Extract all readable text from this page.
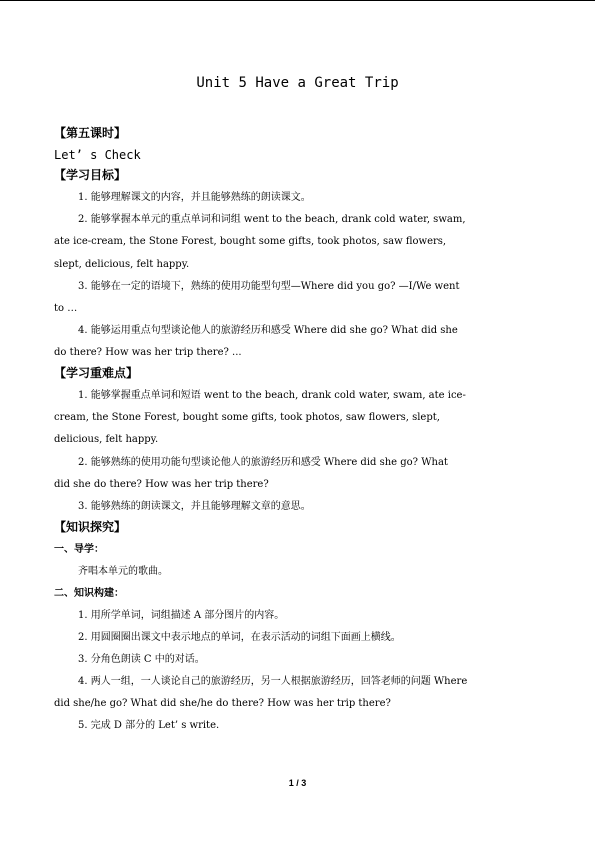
Unit 5 Have a Great Trip
【第五课时】
Let’ s Check
【学习目标】
1. 能够理解课文的内容，并且能够熟练的朗读课文。
2. 能够掌握本单元的重点单词和词组 went to the beach, drank cold water, swam,
ate ice-cream, the Stone Forest, bought some gifts, took photos, saw flowers,
slept, delicious, felt happy.
3. 能够在一定的语境下，熟练的使用功能型句型—Where did you go? —I/We went
to …
4. 能够运用重点句型谈论他人的旅游经历和感受 Where did she go? What did she
do there? How was her trip there? ...
【学习重难点】
1. 能够掌握重点单词和短语 went to the beach, drank cold water, swam, ate ice-
cream, the Stone Forest, bought some gifts, took photos, saw flowers, slept,
delicious, felt happy.
2. 能够熟练的使用功能句型谈论他人的旅游经历和感受 Where did she go? What
did she do there? How was her trip there?
3. 能够熟练的朗读课文，并且能够理解文章的意思。
【知识探究】
一、导学：
齐唱本单元的歌曲。
二、知识构建：
1. 用所学单词，词组描述 A 部分图片的内容。
2. 用圆圈圈出课文中表示地点的单词，在表示活动的词组下面画上横线。
3. 分角色朗读 C 中的对话。
4. 两人一组，一人谈论自己的旅游经历，另一人根据旅游经历，回答老师的问题 Where
did she/he go? What did she/he do there? How was her trip there?
5. 完成 D 部分的 Let’ s write.
1 / 3
